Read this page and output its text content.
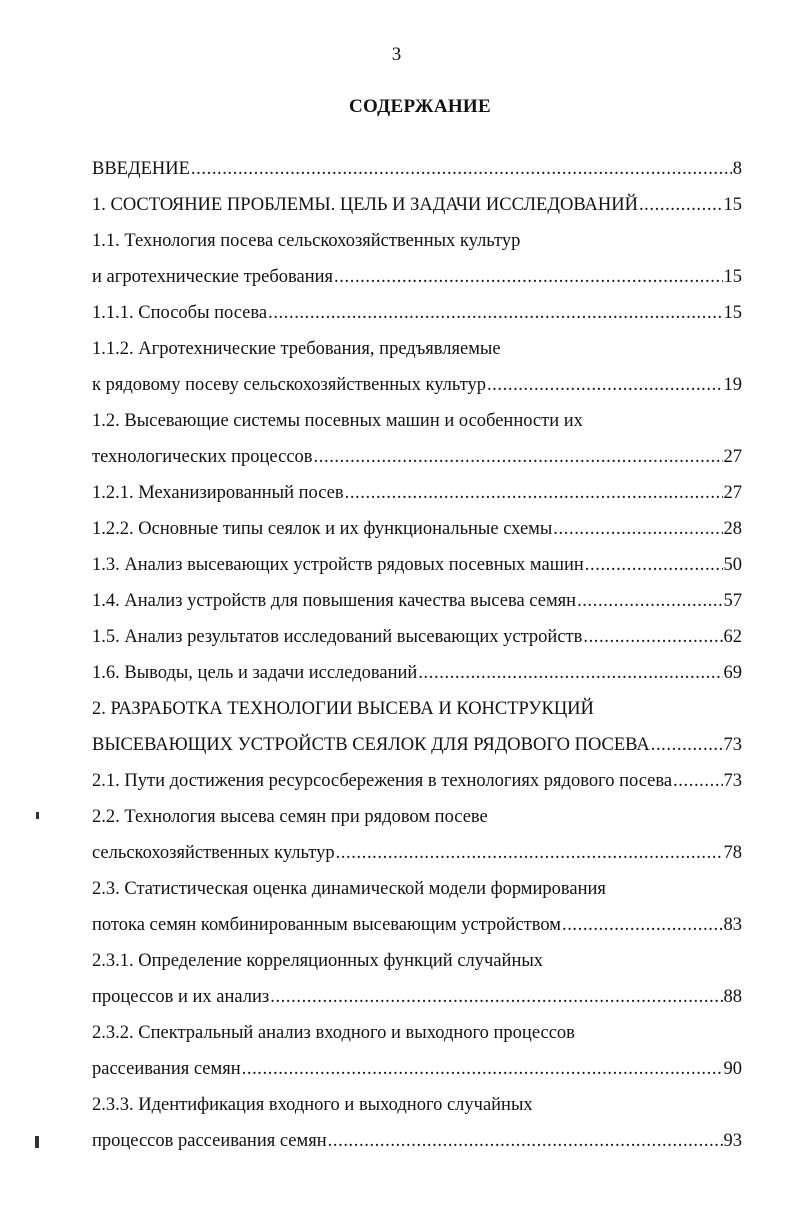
3
СОДЕРЖАНИЕ
ВВЕДЕНИЕ .....	8
1. СОСТОЯНИЕ ПРОБЛЕМЫ. ЦЕЛЬ И ЗАДАЧИ ИССЛЕДОВАНИЙ .....	15
1.1. Технология посева сельскохозяйственных культур
и агротехнические требования .....	15
1.1.1. Способы посева .....	15
1.1.2. Агротехнические требования, предъявляемые
к рядовому посеву сельскохозяйственных культур .....	19
1.2. Высевающие системы посевных машин и особенности их
технологических процессов .....	27
1.2.1. Механизированный посев .....	27
1.2.2. Основные типы сеялок и их функциональные схемы .....	28
1.3. Анализ высевающих устройств рядовых посевных машин .....	50
1.4. Анализ устройств для повышения качества высева семян .....	57
1.5. Анализ результатов исследований высевающих устройств .....	62
1.6. Выводы, цель и задачи исследований .....	69
2. РАЗРАБОТКА ТЕХНОЛОГИИ ВЫСЕВА И КОНСТРУКЦИЙ
ВЫСЕВАЮЩИХ УСТРОЙСТВ СЕЯЛОК ДЛЯ РЯДОВОГО ПОСЕВА .....	73
2.1. Пути достижения ресурсосбережения в технологиях рядового посева .....	73
2.2. Технология высева семян при рядовом посеве
сельскохозяйственных культур .....	78
2.3. Статистическая оценка динамической модели формирования
потока семян комбинированным высевающим устройством .....	83
2.3.1. Определение корреляционных функций случайных
процессов и их анализ .....	88
2.3.2. Спектральный анализ входного и выходного процессов
рассеивания семян .....	90
2.3.3. Идентификация входного и выходного случайных
процессов рассеивания семян .....	93
